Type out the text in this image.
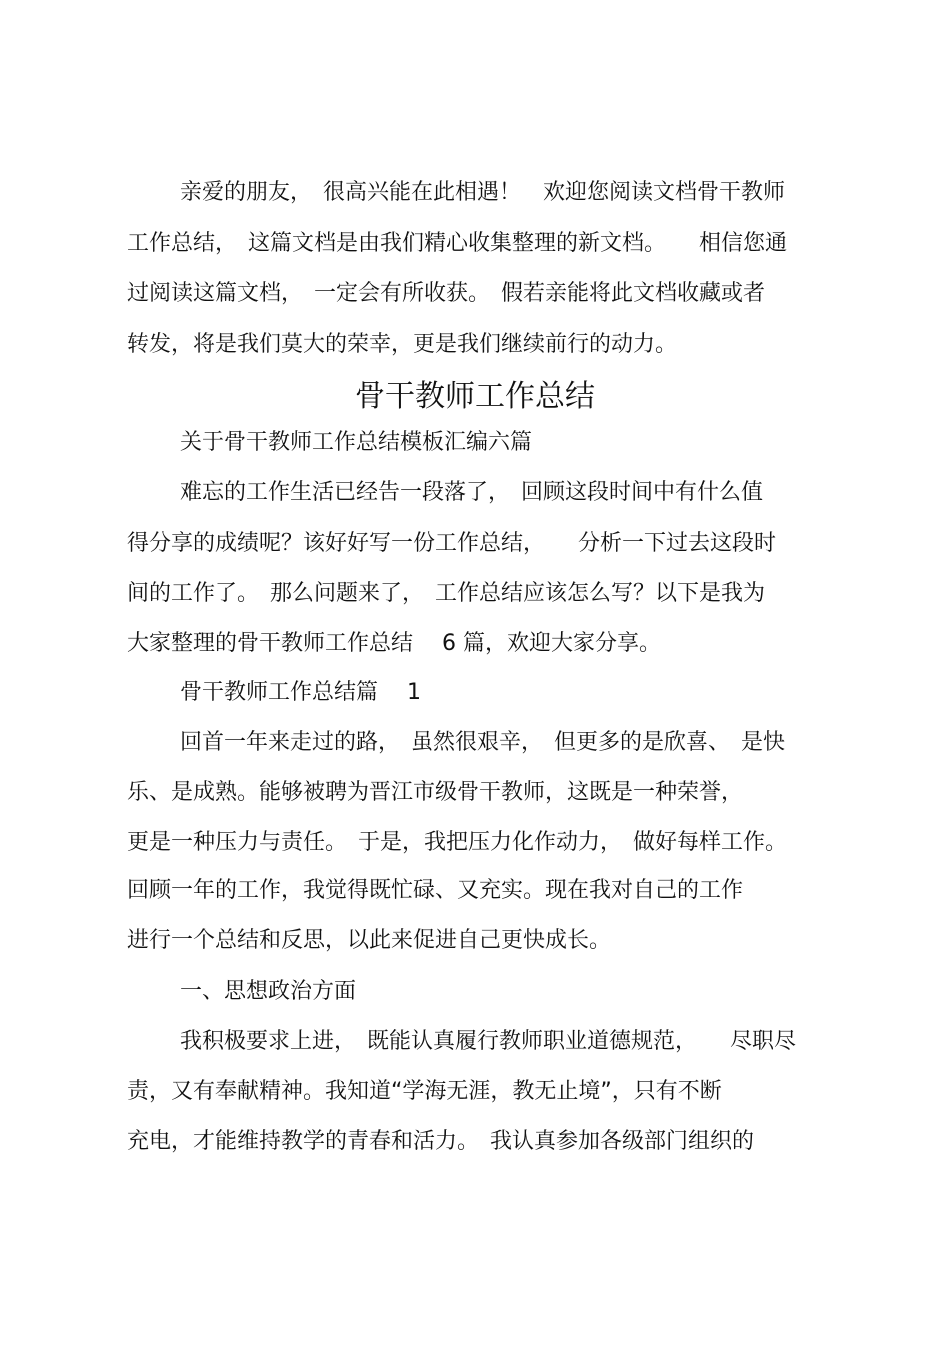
亲爱的朋友，　很高兴能在此相遇！　欢迎您阅读文档骨干教师
工作总结，　这篇文档是由我们精心收集整理的新文档。　　相信您通
过阅读这篇文档，　一定会有所收获。　假若亲能将此文档收藏或者
转发，将是我们莫大的荣幸，更是我们继续前行的动力。
骨干教师工作总结
关于骨干教师工作总结模板汇编六篇
难忘的工作生活已经告一段落了，　回顾这段时间中有什么值
得分享的成绩呢？该好好写一份工作总结，　　分析一下过去这段时
间的工作了。　那么问题来了，　工作总结应该怎么写？以下是我为
大家整理的骨干教师工作总结　 6 篇，欢迎大家分享。
骨干教师工作总结篇　 1
回首一年来走过的路，　虽然很艰辛，　但更多的是欣喜、　是快
乐、是成熟。能够被聘为晋江市级骨干教师，这既是一种荣誉，
更是一种压力与责任。　于是，我把压力化作动力，　做好每样工作。
回顾一年的工作，我觉得既忙碌、又充实。现在我对自己的工作
进行一个总结和反思，以此来促进自己更快成长。
一、思想政治方面
我积极要求上进，　既能认真履行教师职业道德规范，　　尽职尽
责，又有奉献精神。我知道“学海无涯，教无止境”，只有不断
充电，才能维持教学的青春和活力。　我认真参加各级部门组织的
